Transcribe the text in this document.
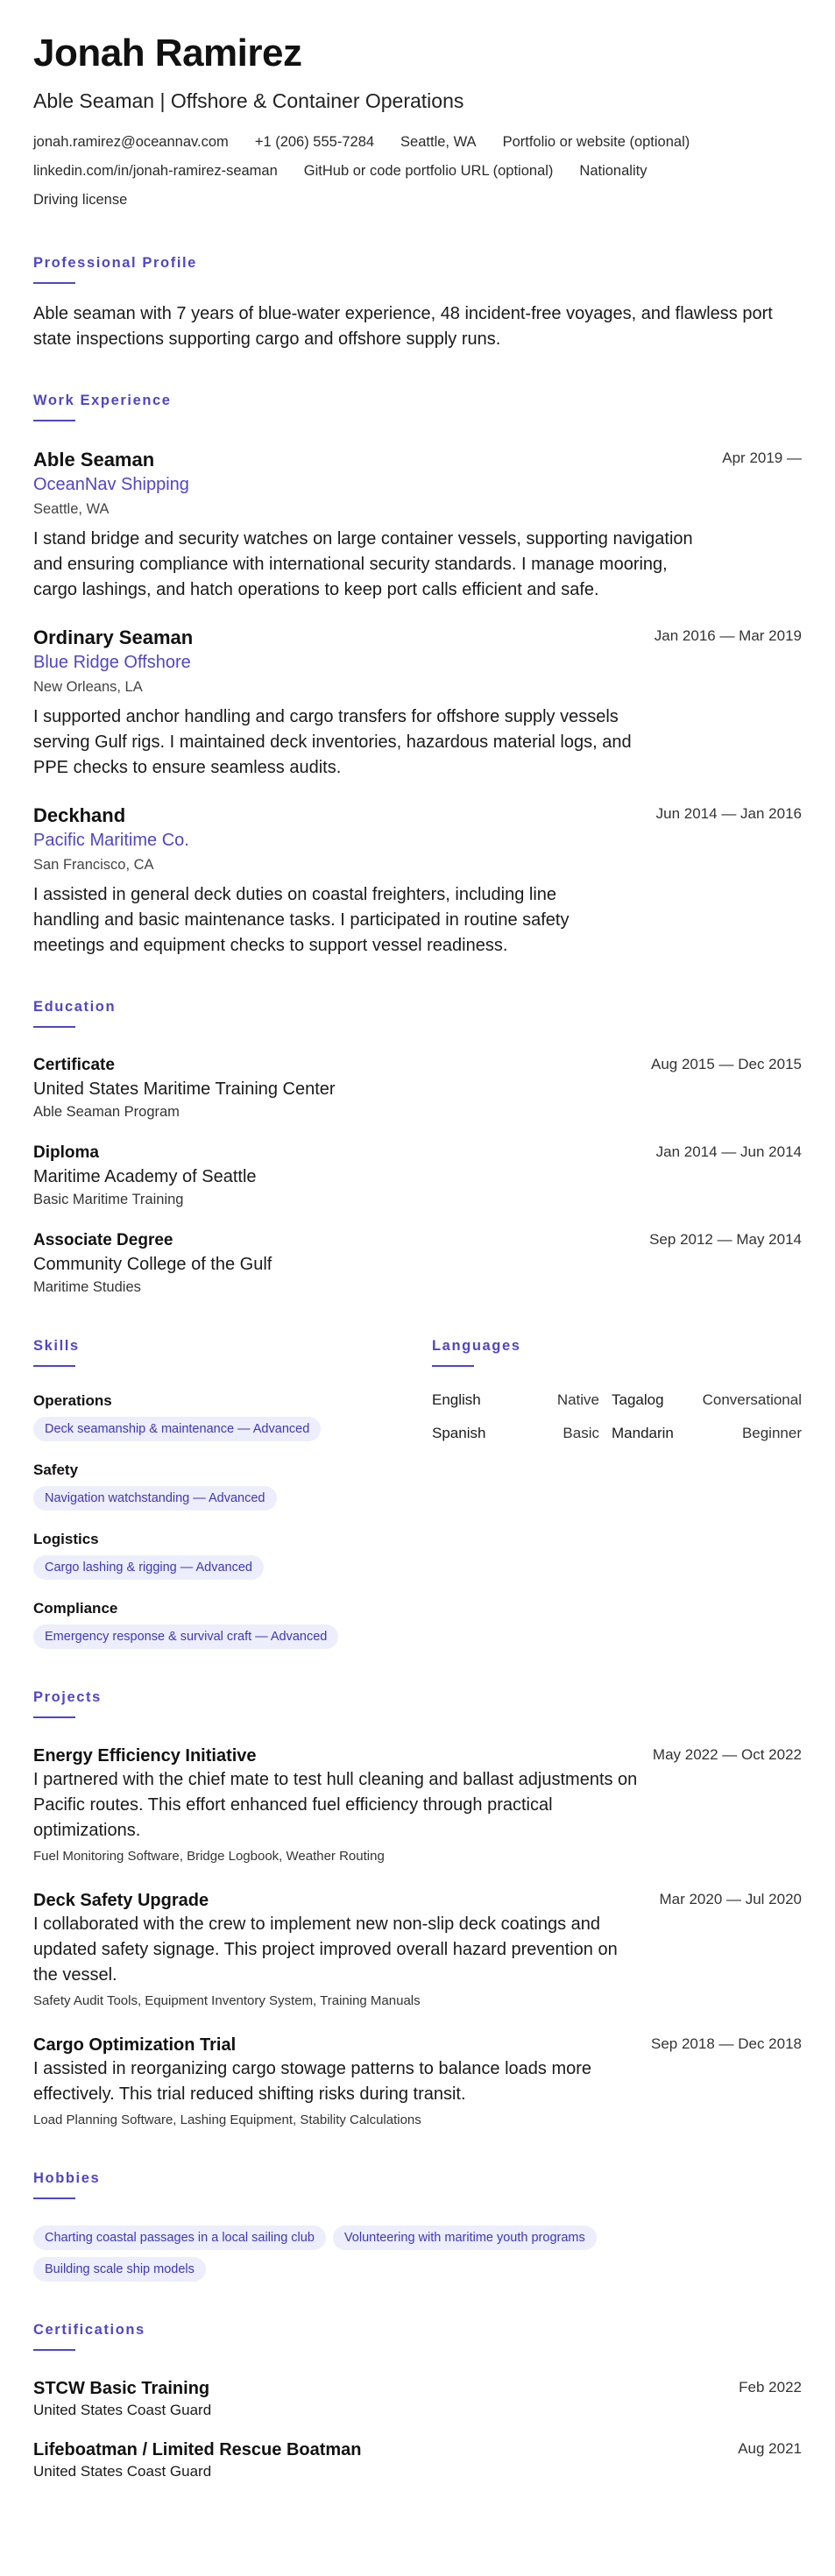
Jonah Ramirez
Able Seaman | Offshore & Container Operations
jonah.ramirez@oceannav.com +1 (206) 555-7284 Seattle, WA Portfolio or website (optional)
linkedin.com/in/jonah-ramirez-seaman GitHub or code portfolio URL (optional) Nationality
Driving license
Professional Profile

Able seaman with 7 years of blue-water experience, 48 incident-free voyages, and flawless port state inspections supporting cargo and offshore supply runs.

Work Experience
Apr 2019 —
Able Seaman
OceanNav Shipping
Seattle, WA

I stand bridge and security watches on large container vessels, supporting navigation and ensuring compliance with international security standards. I manage mooring, cargo lashings, and hatch operations to keep port calls efficient and safe.

Jan 2016 — Mar 2019
Ordinary Seaman
Blue Ridge Offshore
New Orleans, LA

I supported anchor handling and cargo transfers for offshore supply vessels serving Gulf rigs. I maintained deck inventories, hazardous material logs, and PPE checks to ensure seamless audits.

Jun 2014 — Jan 2016
Deckhand
Pacific Maritime Co.
San Francisco, CA

I assisted in general deck duties on coastal freighters, including line handling and basic maintenance tasks. I participated in routine safety meetings and equipment checks to support vessel readiness.

Education
Aug 2015 — Dec 2015
Certificate
United States Maritime Training Center
Able Seaman Program
Jan 2014 — Jun 2014
Diploma
Maritime Academy of Seattle
Basic Maritime Training
Sep 2012 — May 2014
Associate Degree
Community College of the Gulf
Maritime Studies
Skills
Operations
Deck seamanship & maintenance — Advanced
Safety
Navigation watchstanding — Advanced
Logistics
Cargo lashing & rigging — Advanced
Compliance
Emergency response & survival craft — Advanced
Languages
English	Native Tagalog	Conversational
Spanish	Basic Mandarin	Beginner
Projects
May 2022 — Oct 2022
Energy Efficiency Initiative

I partnered with the chief mate to test hull cleaning and ballast adjustments on Pacific routes. This effort enhanced fuel efficiency through practical optimizations.

Fuel Monitoring Software, Bridge Logbook, Weather Routing
Mar 2020 — Jul 2020
Deck Safety Upgrade

I collaborated with the crew to implement new non-slip deck coatings and updated safety signage. This project improved overall hazard prevention on the vessel.

Safety Audit Tools, Equipment Inventory System, Training Manuals
Sep 2018 — Dec 2018
Cargo Optimization Trial

I assisted in reorganizing cargo stowage patterns to balance loads more effectively. This trial reduced shifting risks during transit.

Load Planning Software, Lashing Equipment, Stability Calculations
Hobbies
Charting coastal passages in a local sailing club Volunteering with maritime youth programsBuilding scale ship models
Certifications
Feb 2022
STCW Basic Training
United States Coast Guard
Aug 2021
Lifeboatman / Limited Rescue Boatman
United States Coast Guard
